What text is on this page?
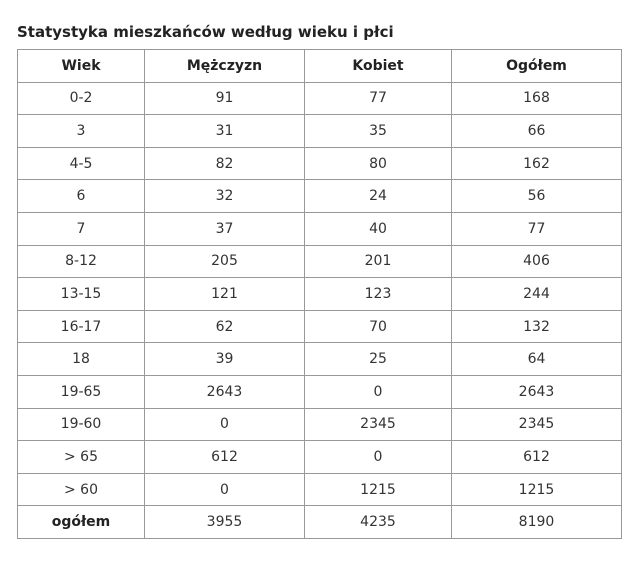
Statystyka mieszkańców według wieku i płci
Wiek	Mężczyzn	Kobiet	Ogółem
0-2	91	77	168
3	31	35	66
4-5	82	80	162
6	32	24	56
7	37	40	77
8-12	205	201	406
13-15	121	123	244
16-17	62	70	132
18	39	25	64
19-65	2643	0	2643
19-60	0	2345	2345
> 65	612	0	612
> 60	0	1215	1215
ogółem	3955	4235	8190
